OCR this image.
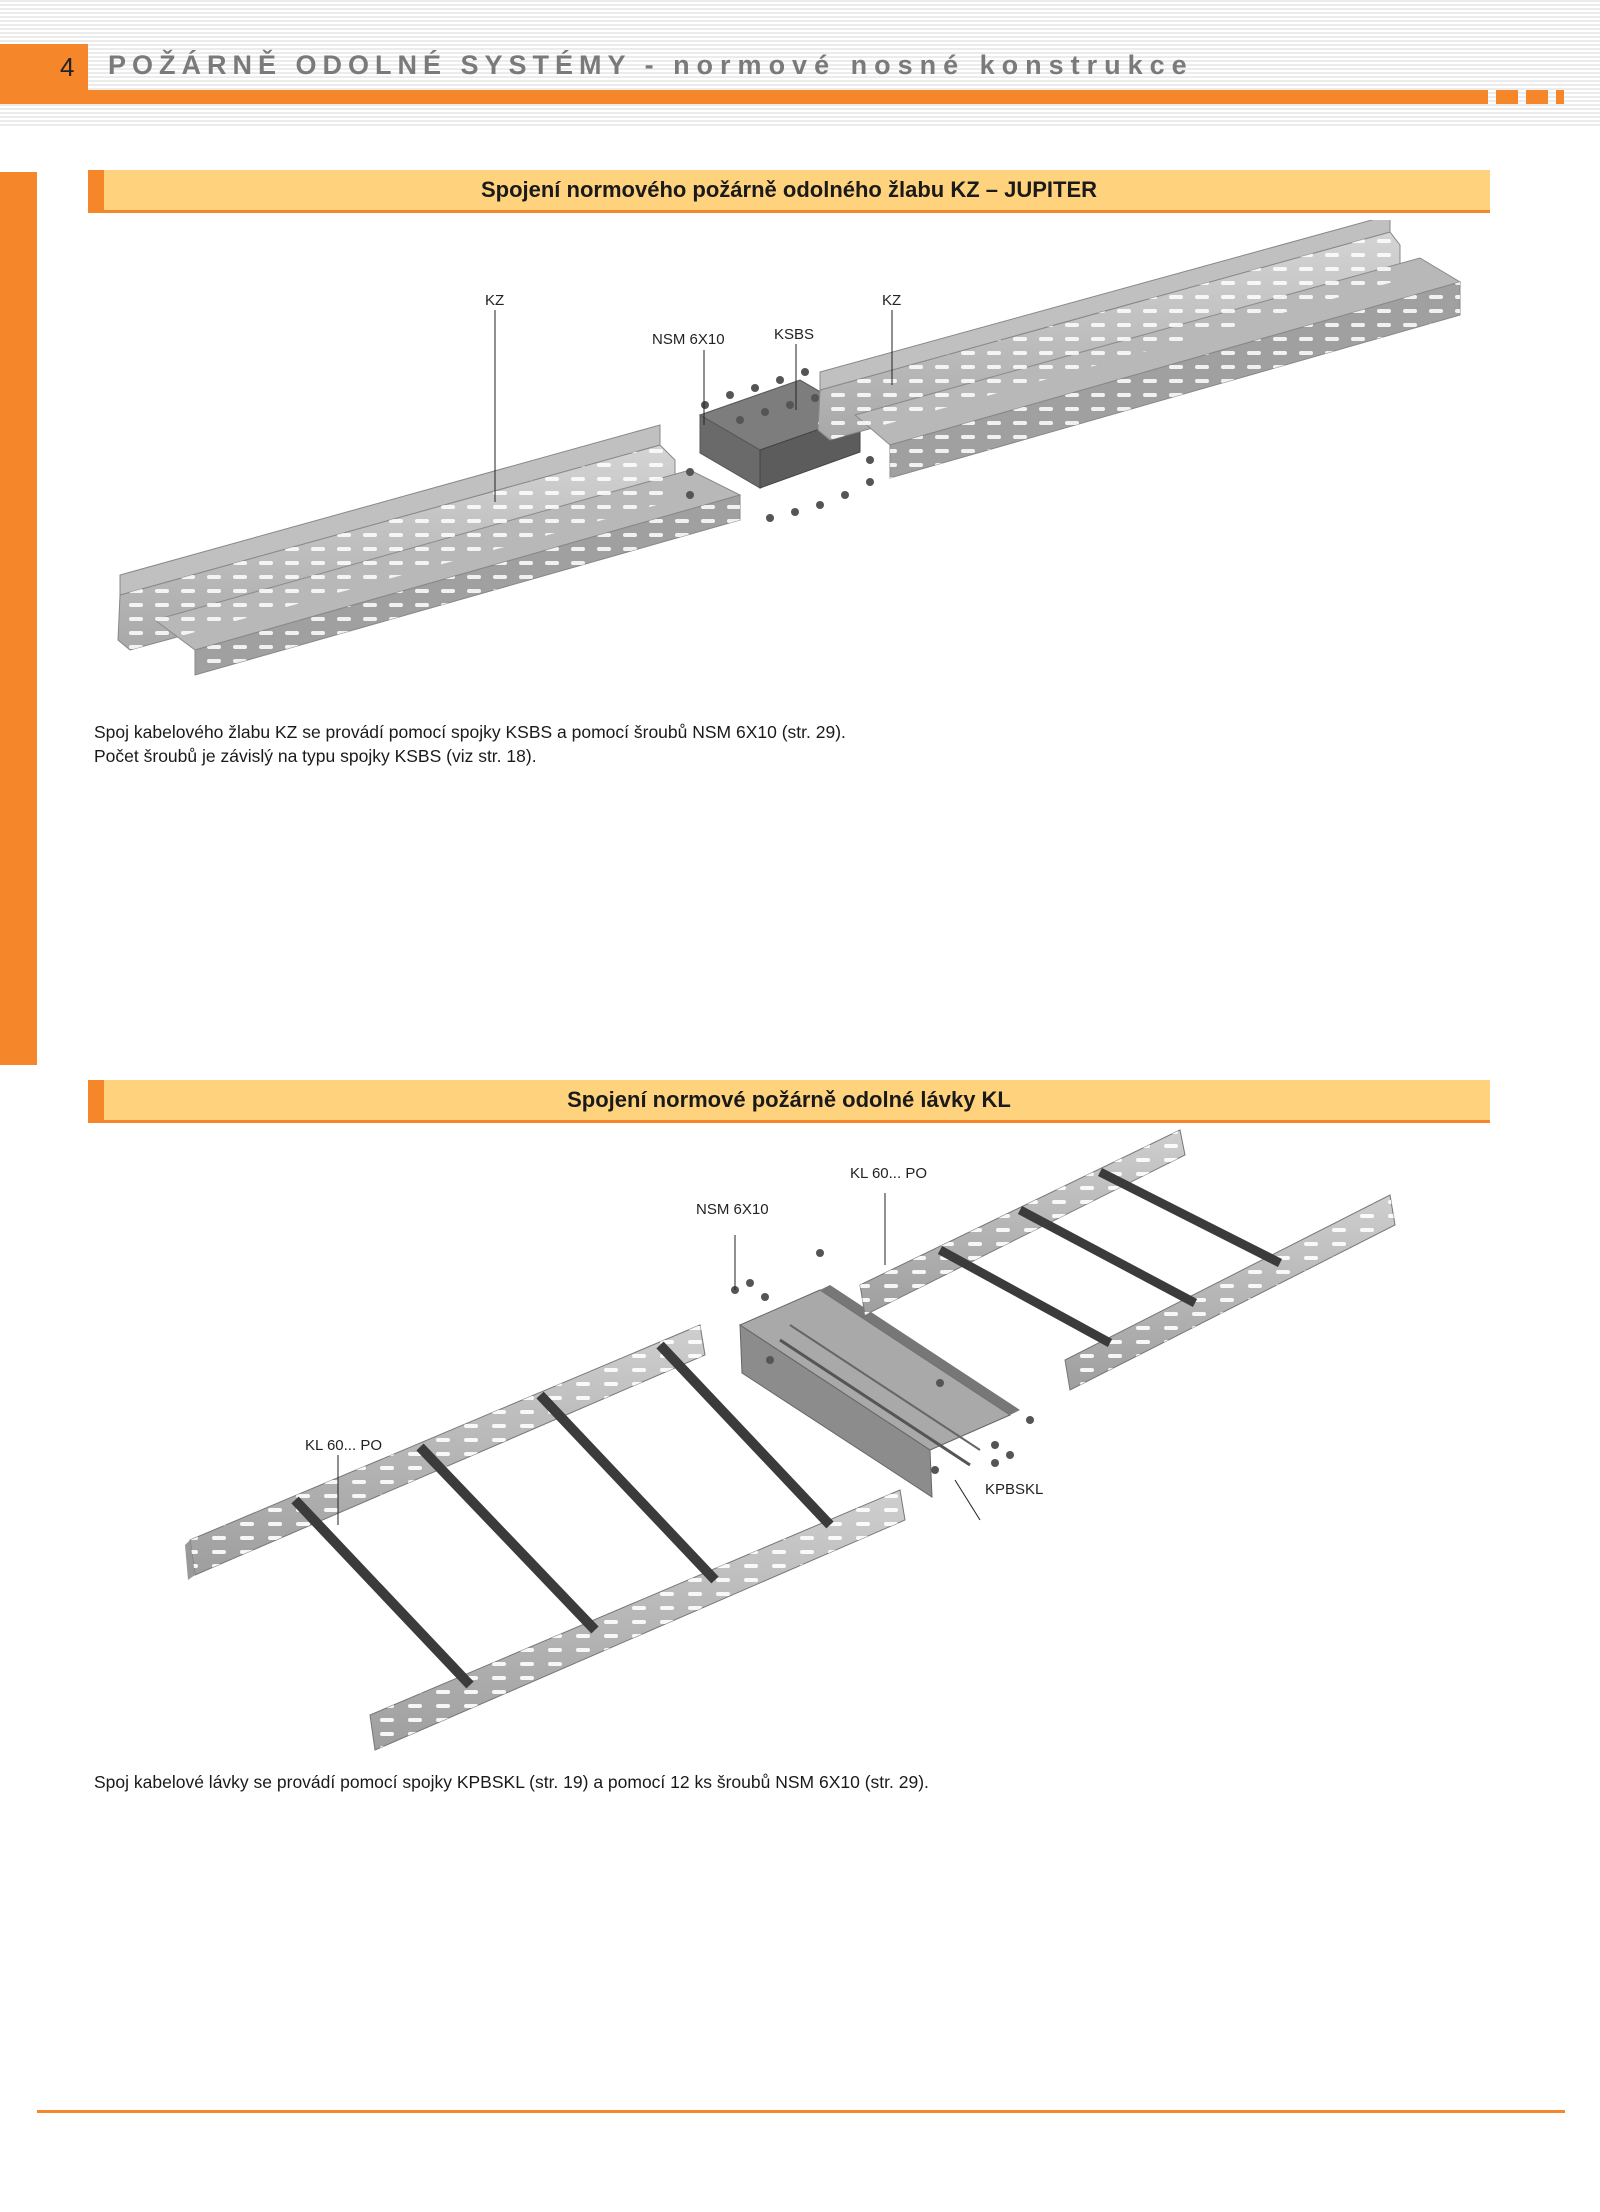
4 POŽÁRNĚ ODOLNÉ SYSTÉMY - normové nosné konstrukce
Spojení normového požárně odolného žlabu KZ – JUPITER
KZ
NSM 6X10	KSBS
KZ

Spoj kabelového žlabu KZ se provádí pomocí spojky KSBS a pomocí šroubů NSM 6X10 (str. 29).

Počet šroubů je závislý na typu spojky KSBS (viz str. 18).

Spojení normové požárně odolné lávky KL
KL 60... PO
NSM 6X10
KL 60... PO
KPBSKL

Spoj kabelové lávky se provádí pomocí spojky KPBSKL (str. 19) a pomocí 12 ks šroubů NSM 6X10 (str. 29).
